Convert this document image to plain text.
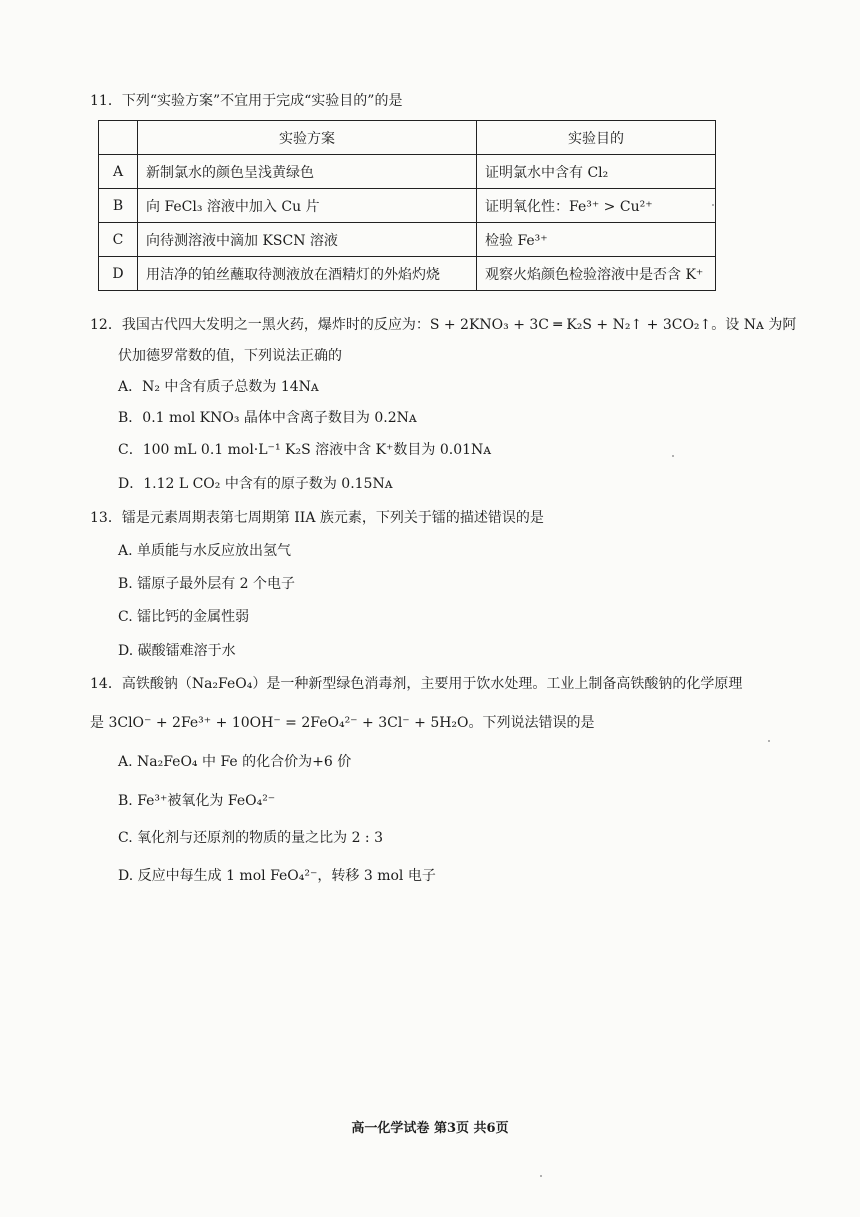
11．下列“实验方案”不宜用于完成“实验目的”的是
	实验方案	实验目的
A	新制氯水的颜色呈浅黄绿色	证明氯水中含有 Cl₂
B	向 FeCl₃ 溶液中加入 Cu 片	证明氧化性：Fe³⁺ > Cu²⁺
C	向待测溶液中滴加 KSCN 溶液	检验 Fe³⁺
D	用洁净的铂丝蘸取待测液放在酒精灯的外焰灼烧	观察火焰颜色检验溶液中是否含 K⁺
12．我国古代四大发明之一黑火药，爆炸时的反应为：S + 2KNO₃ + 3C ═ K₂S + N₂↑ + 3CO₂↑。设 Nᴀ 为阿
伏加德罗常数的值，下列说法正确的
A．N₂ 中含有质子总数为 14Nᴀ
B．0.1 mol KNO₃ 晶体中含离子数目为 0.2Nᴀ
C．100 mL 0.1 mol·L⁻¹ K₂S 溶液中含 K⁺数目为 0.01Nᴀ
D．1.12 L CO₂ 中含有的原子数为 0.15Nᴀ
13．镭是元素周期表第七周期第 IIA 族元素，下列关于镭的描述错误的是
A. 单质能与水反应放出氢气
B. 镭原子最外层有 2 个电子
C. 镭比钙的金属性弱
D. 碳酸镭难溶于水
14．高铁酸钠（Na₂FeO₄）是一种新型绿色消毒剂，主要用于饮水处理。工业上制备高铁酸钠的化学原理
是 3ClO⁻ + 2Fe³⁺ + 10OH⁻ = 2FeO₄²⁻ + 3Cl⁻ + 5H₂O。下列说法错误的是
A. Na₂FeO₄ 中 Fe 的化合价为+6 价
B. Fe³⁺被氧化为 FeO₄²⁻
C. 氧化剂与还原剂的物质的量之比为 2 : 3
D. 反应中每生成 1 mol FeO₄²⁻，转移 3 mol 电子
高一化学试卷 第3页 共6页
